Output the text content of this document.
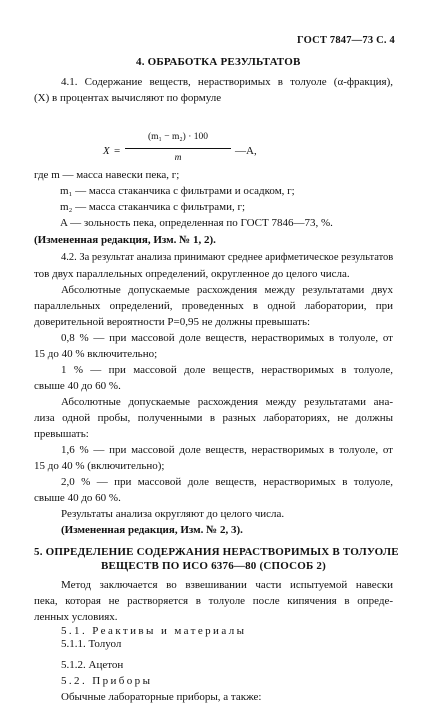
ГОСТ 7847—73 С. 4
4. ОБРАБОТКА РЕЗУЛЬТАТОВ
4.1. Содержание веществ, нерастворимых в толуоле (α-фракция),
(X) в процентах вычисляют по формуле
X =
(m₁ − m₂) · 100
m
—A,
где m — масса навески пека, г;
m₁ — масса стаканчика с фильтрами и осадком, г;
m₂ — масса стаканчика с фильтрами, г;
A — зольность пека, определенная по ГОСТ 7846—73, %.
(Измененная редакция, Изм. № 1, 2).
4.2. За результат анализа принимают среднее арифметическое результатов
тов двух параллельных определений, округленное до целого числа.
Абсолютные допускаемые расхождения между результатами двух
параллельных определений, проведенных в одной лаборатории, при
доверительной вероятности P=0,95 не должны превышать:
0,8 % — при массовой доле веществ, нерастворимых в толуоле, от
15 до 40 % включительно;
1 % — при массовой доле веществ, нерастворимых в толуоле,
свыше 40 до 60 %.
Абсолютные допускаемые расхождения между результатами ана-
лиза одной пробы, полученными в разных лабораториях, не должны
превышать:
1,6 % — при массовой доле веществ, нерастворимых в толуоле, от
15 до 40 % (включительно);
2,0 % — при массовой доле веществ, нерастворимых в толуоле,
свыше 40 до 60 %.
Результаты анализа округляют до целого числа.
(Измененная редакция, Изм. № 2, 3).
5. ОПРЕДЕЛЕНИЕ СОДЕРЖАНИЯ НЕРАСТВОРИМЫХ В ТОЛУОЛЕ
ВЕЩЕСТВ ПО ИСО 6376—80 (СПОСОБ 2)
Метод заключается во взвешивании части испытуемой навески
пека, которая не растворяется в толуоле после кипячения в опреде-
ленных условиях.
5.1. Реактивы и материалы
5.1.1. Толуол
5.1.2. Ацетон
5.2. Приборы
Обычные лабораторные приборы, а также:
